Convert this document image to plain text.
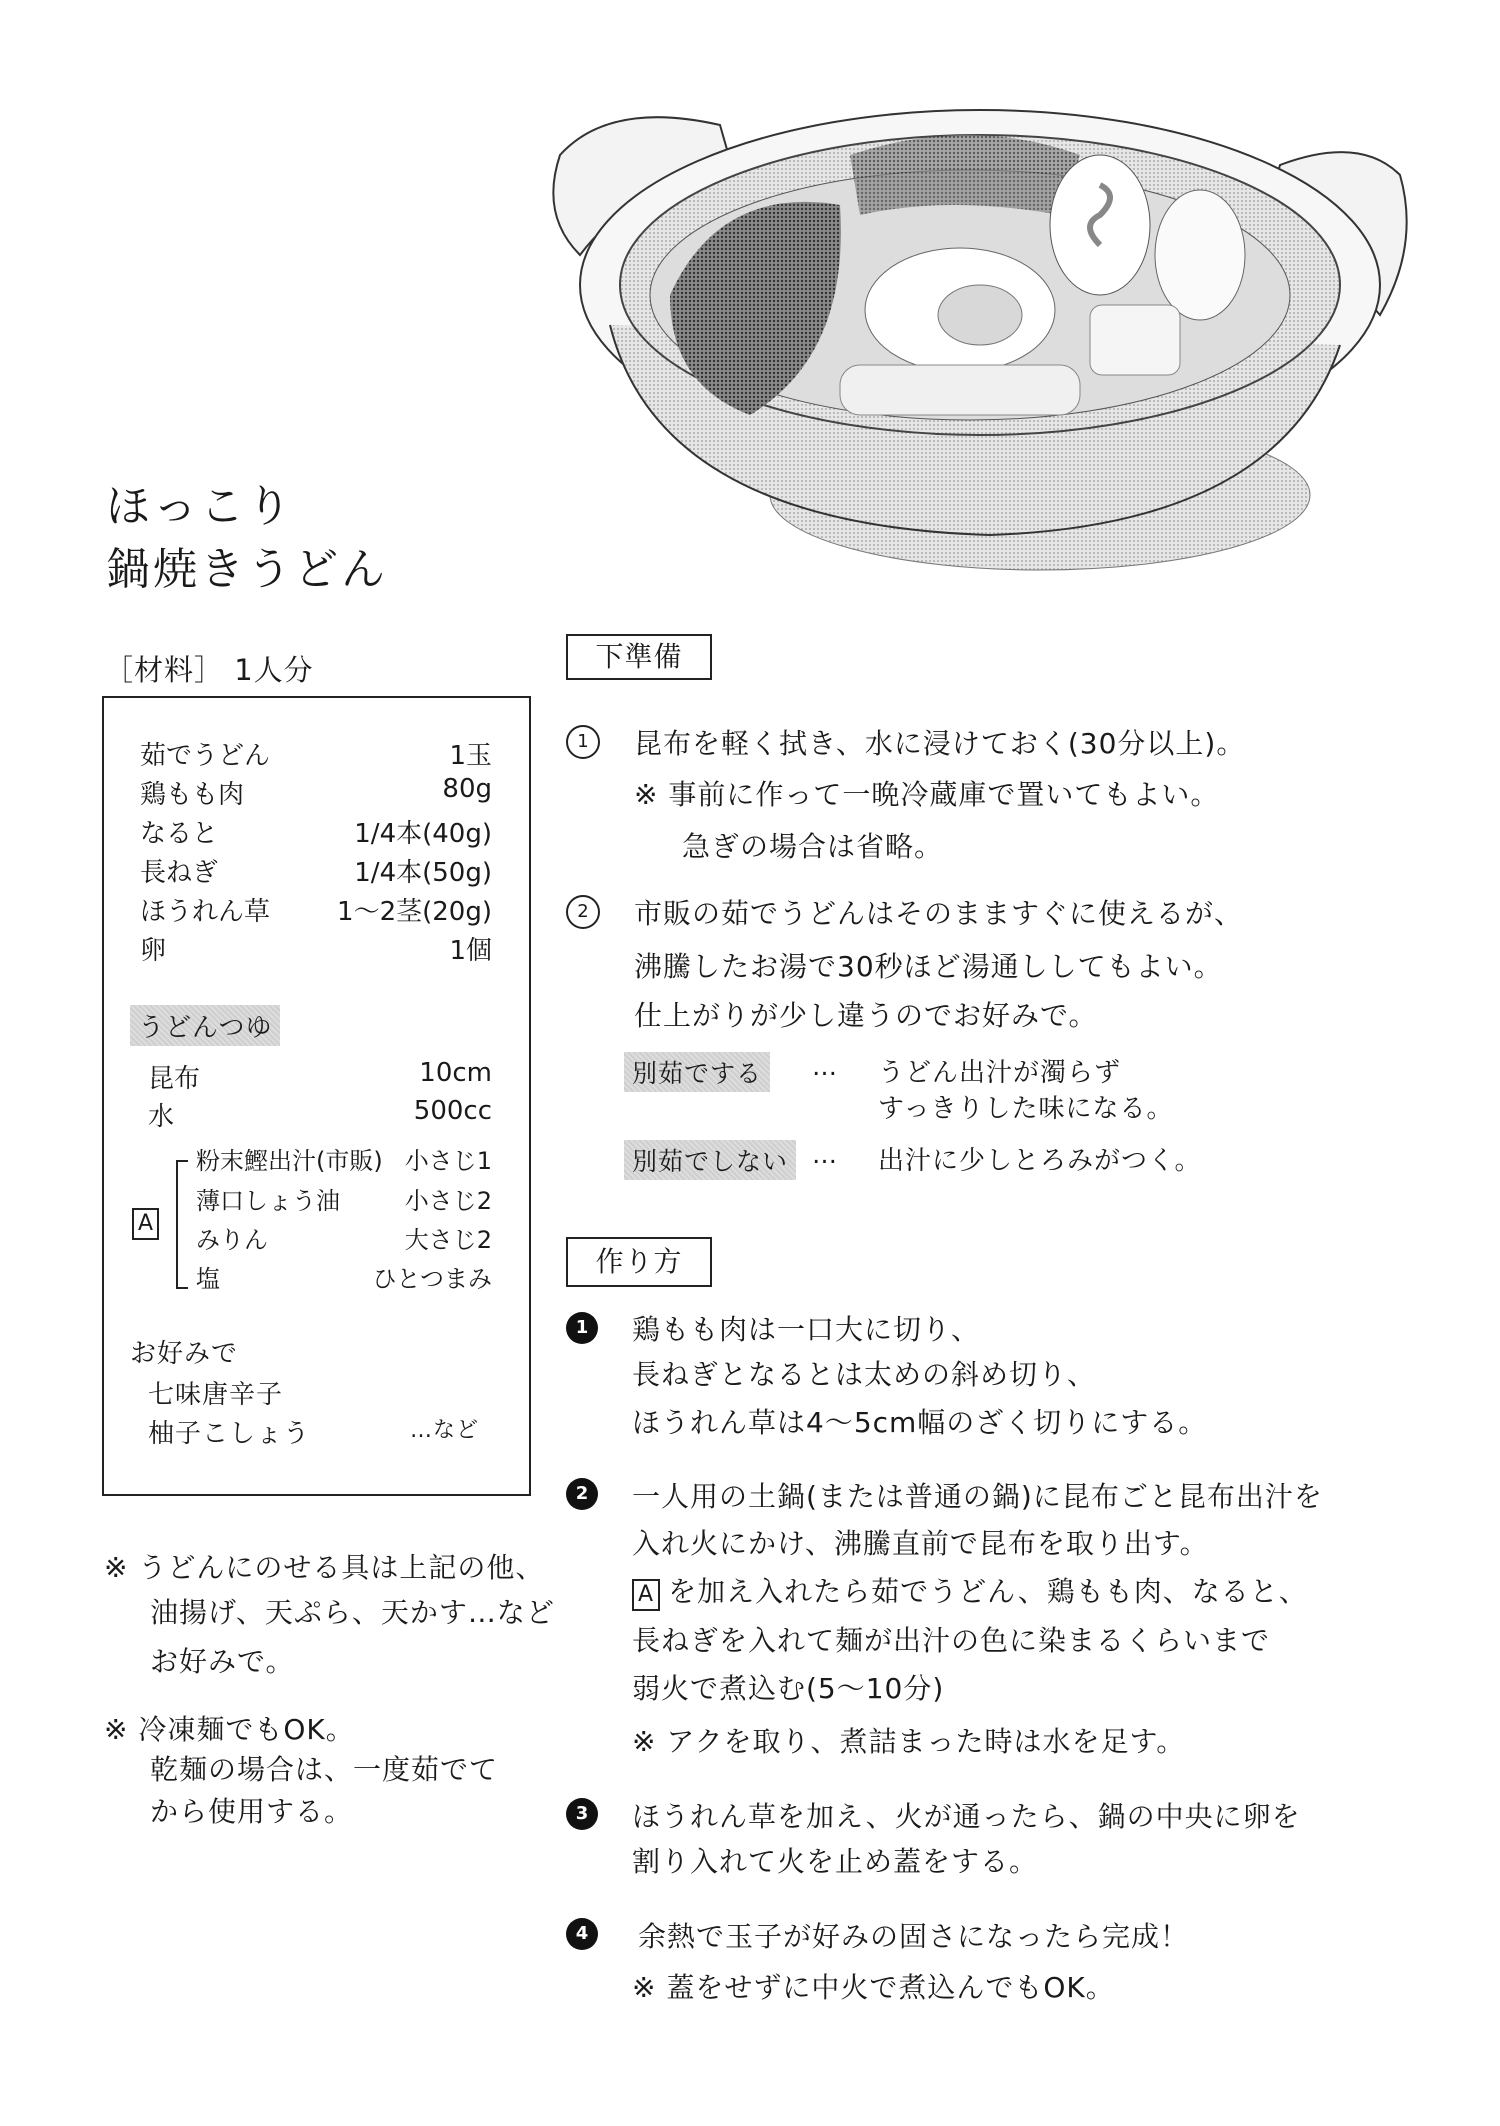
ほっこり
鍋焼きうどん
［材料］ 1人分
茹でうどん	1玉
鶏もも肉	80g
なると	1/4本(40g)
長ねぎ	1/4本(50g)
ほうれん草	1～2茎(20g)
卵	1個
うどんつゆ
昆布	10cm
水	500cc
A
粉末鰹出汁(市販) 小さじ1
薄口しょう油	小さじ2
みりん	大さじ2
塩	ひとつまみ
お好みで
七味唐辛子
柚子こしょう	…など
※ うどんにのせる具は上記の他、
油揚げ、天ぷら、天かす…など
お好みで。
※ 冷凍麺でもOK。
乾麺の場合は、一度茹でて
から使用する。
下準備
1	昆布を軽く拭き、水に浸けておく(30分以上)。
※ 事前に作って一晩冷蔵庫で置いてもよい。
急ぎの場合は省略。
2	市販の茹でうどんはそのまますぐに使えるが、
沸騰したお湯で30秒ほど湯通ししてもよい。
仕上がりが少し違うのでお好みで。
別茹でする	… うどん出汁が濁らず
すっきりした味になる。
別茹でしない … 出汁に少しとろみがつく。
作り方
1	鶏もも肉は一口大に切り、
長ねぎとなるとは太めの斜め切り、
ほうれん草は4～5cm幅のざく切りにする。
2	一人用の土鍋(または普通の鍋)に昆布ごと昆布出汁を
入れ火にかけ、沸騰直前で昆布を取り出す。
A を加え入れたら茹でうどん、鶏もも肉、なると、
長ねぎを入れて麺が出汁の色に染まるくらいまで
弱火で煮込む(5～10分)
※ アクを取り、煮詰まった時は水を足す。
3	ほうれん草を加え、火が通ったら、鍋の中央に卵を
割り入れて火を止め蓋をする。
4	余熱で玉子が好みの固さになったら完成！
※ 蓋をせずに中火で煮込んでもOK。
